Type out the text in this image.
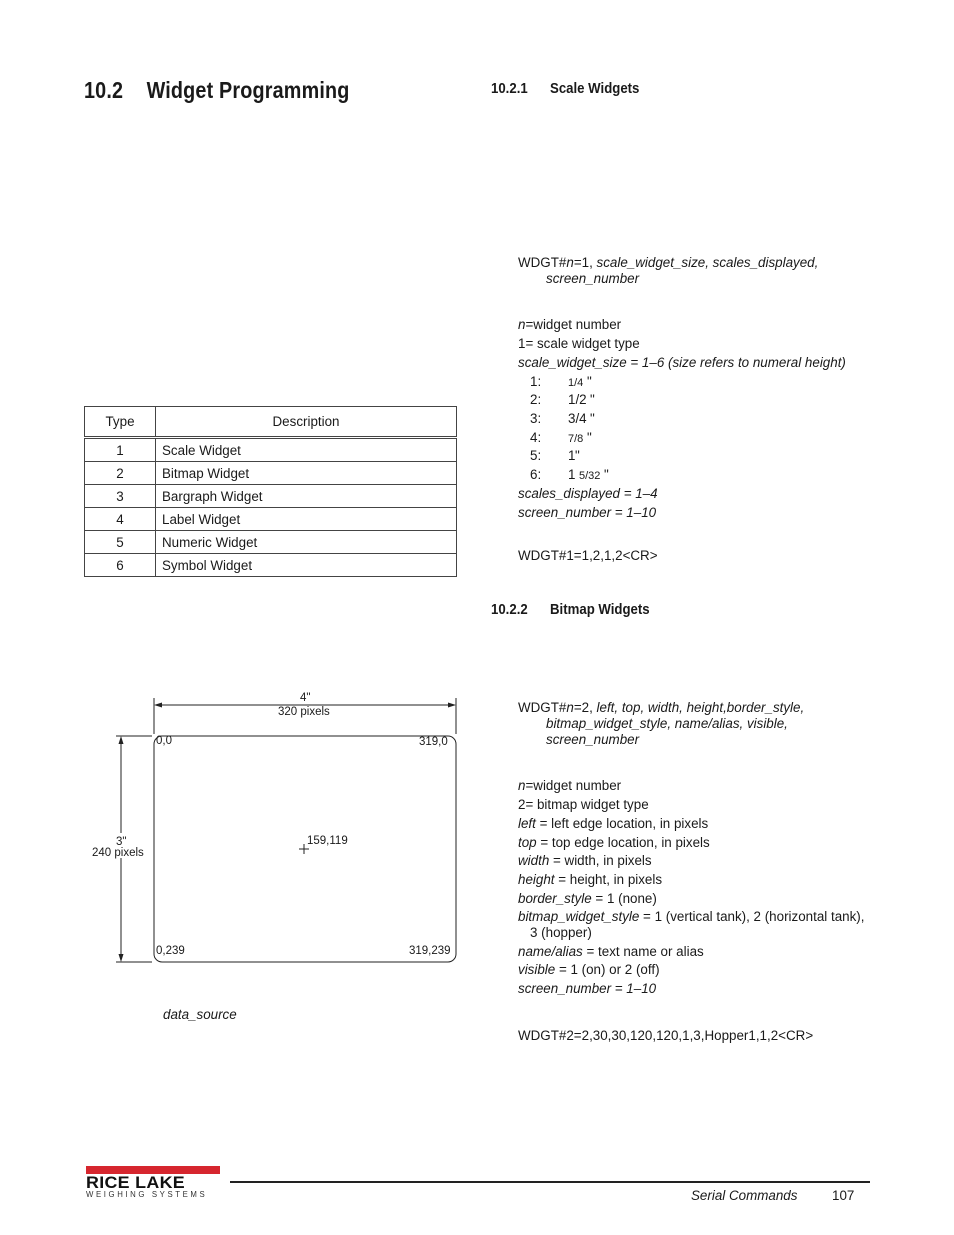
10.2 Widget Programming
Type	Description
1	Scale Widget
2	Bitmap Widget
3	Bargraph Widget
4	Label Widget
5	Numeric Widget
6	Symbol Widget
4"
320 pixels
3"
240 pixels
0,0	319,0
159,119
0,239	319,239
data_source
10.2.1 Scale Widgets
WDGT#n=1, scale_widget_size, scales_displayed,
screen_number
n=widget number
1= scale widget type
scale_widget_size = 1–6 (size refers to numeral height)
1: 1/4 "
2: 1/2 "
3: 3/4 "
4: 7/8 "
5: 1 "
6: 1 5/32 "
scales_displayed = 1–4
screen_number = 1–10
WDGT#1=1,2,1,2<CR>
10.2.2 Bitmap Widgets
WDGT#n=2, left, top, width, height,border_style,
bitmap_widget_style, name/alias, visible,
screen_number
n=widget number
2= bitmap widget type
left = left edge location, in pixels
top = top edge location, in pixels
width = width, in pixels
height = height, in pixels
border_style = 1 (none)
bitmap_widget_style = 1 (vertical tank), 2 (horizontal tank),
3 (hopper)
name/alias = text name or alias
visible = 1 (on) or 2 (off)
screen_number = 1–10
WDGT#2=2,30,30,120,120,1,3,Hopper1,1,2<CR>
RICE LAKE
WEIGHING SYSTEMS	Serial Commands	107
